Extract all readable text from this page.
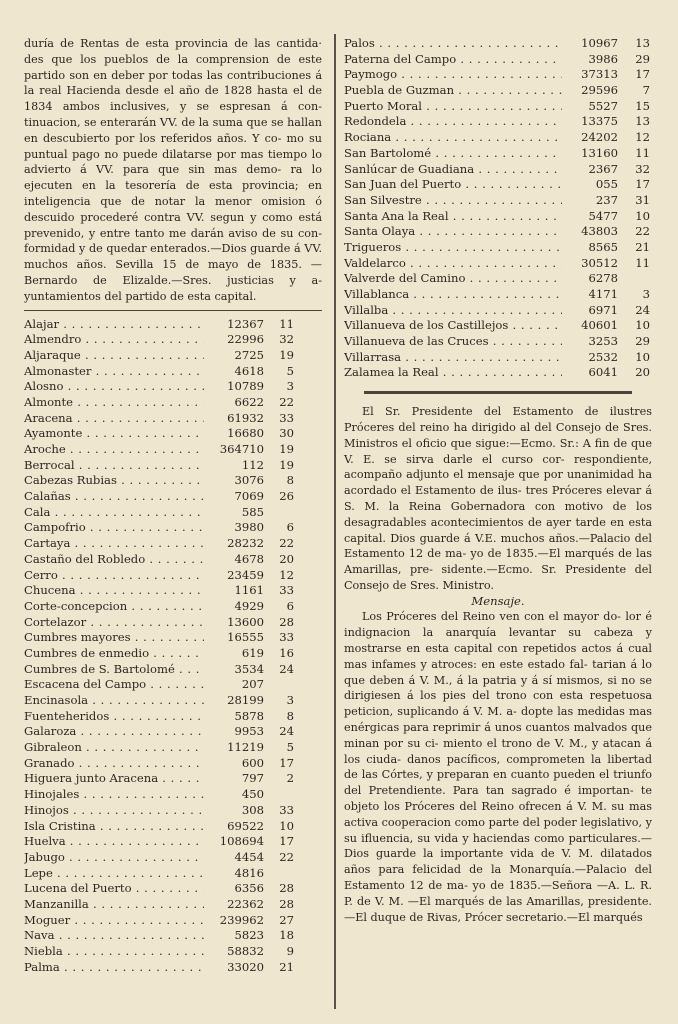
duría de Rentas de esta provincia de las cantida· des que los pueblos de la comprension de este partido son en deber por todas las contribuciones á la real Hacienda desde el año de 1828 hasta el de 1834 ambos inclusives, y se espresan á con- tinuacion, se enterarán VV. de la suma que se hallan en descubierto por los referidos años. Y co- mo su puntual pago no puede dilatarse por mas tiempo lo advierto á VV. para que sin mas demo- ra lo ejecuten en la tesorería de esta provincia; en inteligencia que de notar la menor omision ó descuido procederé contra VV. segun y como está prevenido, y entre tanto me darán aviso de su con- formidad y de quedar enterados.—Dios guarde á VV. muchos años. Sevilla 15 de mayo de 1835. —Bernardo de Elizalde.—Sres. justicias y a- yuntamientos del partido de esta capital.

Alajar . . .	12367	11
Almendro . . .	22996	32
Aljaraque . . .	2725	19
Almonaster . . .	4618	5
Alosno . . .	10789	3
Almonte . . .	6622	22
Aracena . . .	61932	33
Ayamonte . . .	16680	30
Aroche . . .	364710	19
Berrocal . . .	112	19
Cabezas Rubias . . .	3076	8
Calañas . . .	7069	26
Cala . . .	585
Campofrio . . .	3980	6
Cartaya . . .	28232	22
Castaño del Robledo . . .	4678	20
Cerro . . .	23459	12
Chucena . . .	1161	33
Corte-concepcion . . .	4929	6
Cortelazor . . .	13600	28
Cumbres mayores . . .	16555	33
Cumbres de enmedio . . .	619	16
Cumbres de S. Bartolomé . . .	3534	24
Escacena del Campo . . .	207
Encinasola . . .	28199	3
Fuenteheridos . . .	5878	8
Galaroza . . .	9953	24
Gibraleon . . .	11219	5
Granado . . .	600	17
Higuera junto Aracena . . .	797	2
Hinojales . . .	450
Hinojos . . .	308	33
Isla Cristina . . .	69522	10
Huelva . . .	108694	17
Jabugo . . .	4454	22
Lepe . . .	4816
Lucena del Puerto . . .	6356	28
Manzanilla . . .	22362	28
Moguer . . .	239962	27
Nava . . .	5823	18
Niebla . . .	58832	9
Palma . . .	33020	21
Palos . . .	10967	13
Paterna del Campo . . .	3986	29
Paymogo . . .	37313	17
Puebla de Guzman . . .	29596	7
Puerto Moral . . .	5527	15
Redondela . . .	13375	13
Rociana . . .	24202	12
San Bartolomé . . .	13160	11
Sanlúcar de Guadiana . . .	2367	32
San Juan del Puerto . . .	055	17
San Silvestre . . .	237	31
Santa Ana la Real . . .	5477	10
Santa Olaya . . .	43803	22
Trigueros . . .	8565	21
Valdelarco . . .	30512	11
Valverde del Camino . . .	6278
Villablanca . . .	4171	3
Villalba . . .	6971	24
Villanueva de los Castillejos . . .	40601	10
Villanueva de las Cruces . . .	3253	29
Villarrasa . . .	2532	10
Zalamea la Real . . .	6041	20

El Sr. Presidente del Estamento de ilustres Próceres del reino ha dirigido al del Consejo de Sres. Ministros el oficio que sigue:—Ecmo. Sr.: A fin de que V. E. se sirva darle el curso cor- respondiente, acompaño adjunto el mensaje que por unanimidad ha acordado el Estamento de ilus- tres Próceres elevar á S. M. la Reina Gobernadora con motivo de los desagradables acontecimientos de ayer tarde en esta capital. Dios guarde á V.E. muchos años.—Palacio del Estamento 12 de ma- yo de 1835.—El marqués de las Amarillas, pre- sidente.—Ecmo. Sr. Presidente del Consejo de Sres. Ministro.

Mensaje.

Los Próceres del Reino ven con el mayor do- lor é indignacion la anarquía levantar su cabeza y mostrarse en esta capital con repetidos actos á cual mas infames y atroces: en este estado fal- tarian á lo que deben á V. M., á la patria y á sí mismos, si no se dirigiesen á los pies del trono con esta respetuosa peticion, suplicando á V. M. a- dopte las medidas mas enérgicas para reprimir á unos cuantos malvados que minan por su ci- miento el trono de V. M., y atacan á los ciuda- danos pacíficos, comprometen la libertad de las Córtes, y preparan en cuanto pueden el triunfo del Pretendiente. Para tan sagrado é importan- te objeto los Próceres del Reino ofrecen á V. M. su mas activa cooperacion como parte del poder legislativo, y su ifluencia, su vida y haciendas como particulares.—Dios guarde la importante vida de V. M. dilatados años para felicidad de la Monarquía.—Palacio del Estamento 12 de ma- yo de 1835.—Señora —A. L. R. P. de V. M. —El marqués de las Amarillas, presidente.—El duque de Rivas, Prócer secretario.—El marqués
